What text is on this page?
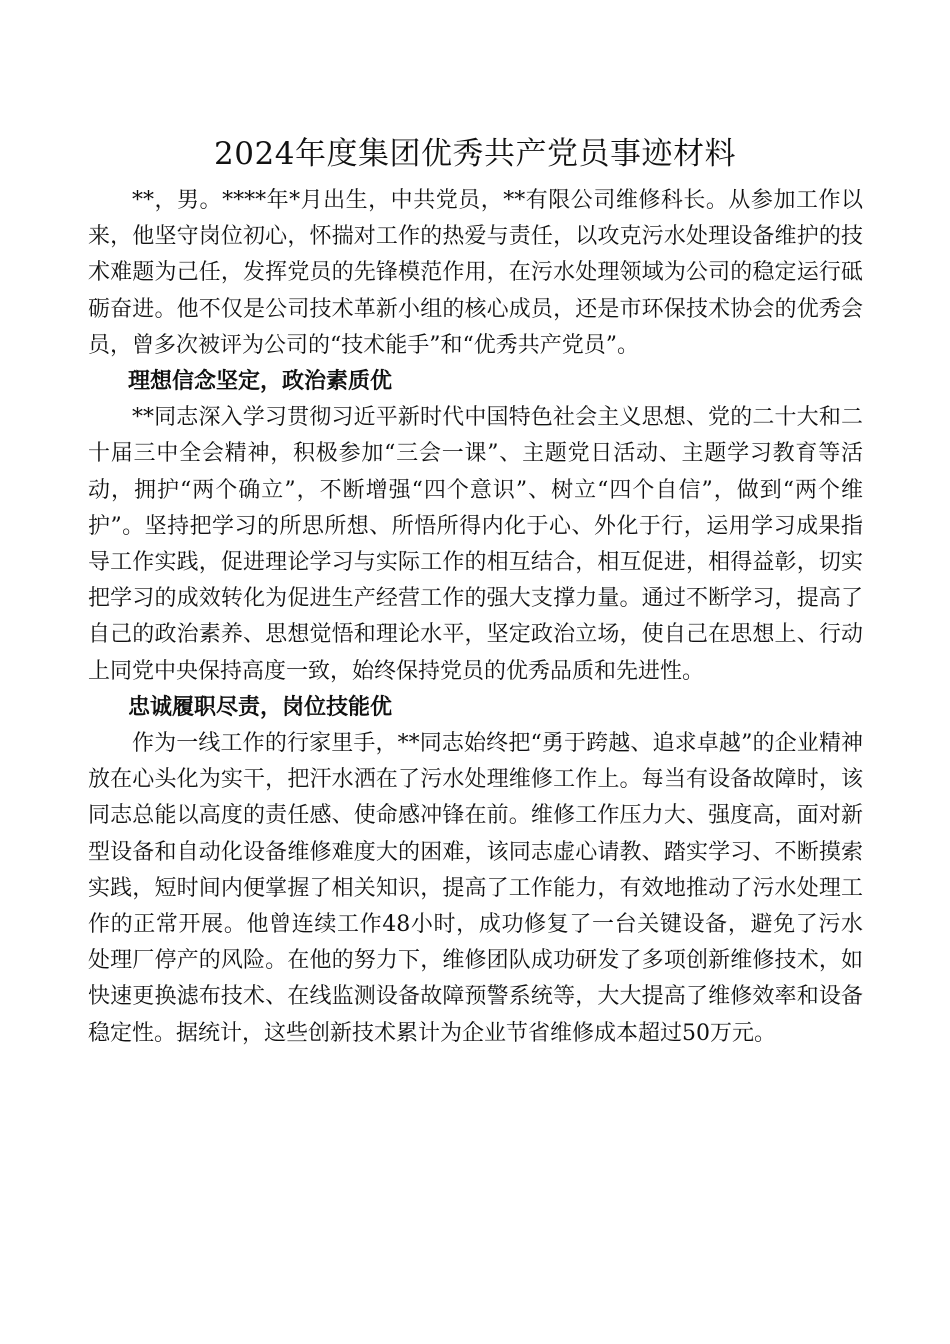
2024年度集团优秀共产党员事迹材料

**，男。****年*月出生，中共党员，**有限公司维修科长。从参加工作以来，他坚守岗位初心，怀揣对工作的热爱与责任，以攻克污水处理设备维护的技术难题为己任，发挥党员的先锋模范作用，在污水处理领域为公司的稳定运行砥砺奋进。他不仅是公司技术革新小组的核心成员，还是市环保技术协会的优秀会员，曾多次被评为公司的“技术能手”和“优秀共产党员”。

理想信念坚定，政治素质优

**同志深入学习贯彻习近平新时代中国特色社会主义思想、党的二十大和二十届三中全会精神，积极参加“三会一课”、主题党日活动、主题学习教育等活动，拥护“两个确立”，不断增强“四个意识”、树立“四个自信”，做到“两个维护”。坚持把学习的所思所想、所悟所得内化于心、外化于行，运用学习成果指导工作实践，促进理论学习与实际工作的相互结合，相互促进，相得益彰，切实把学习的成效转化为促进生产经营工作的强大支撑力量。通过不断学习，提高了自己的政治素养、思想觉悟和理论水平，坚定政治立场，使自己在思想上、行动上同党中央保持高度一致，始终保持党员的优秀品质和先进性。

忠诚履职尽责，岗位技能优

作为一线工作的行家里手，**同志始终把“勇于跨越、追求卓越”的企业精神放在心头化为实干，把汗水洒在了污水处理维修工作上。每当有设备故障时，该同志总能以高度的责任感、使命感冲锋在前。维修工作压力大、强度高，面对新型设备和自动化设备维修难度大的困难，该同志虚心请教、踏实学习、不断摸索实践，短时间内便掌握了相关知识，提高了工作能力，有效地推动了污水处理工作的正常开展。他曾连续工作48小时，成功修复了一台关键设备，避免了污水处理厂停产的风险。在他的努力下，维修团队成功研发了多项创新维修技术，如快速更换滤布技术、在线监测设备故障预警系统等，大大提高了维修效率和设备稳定性。据统计，这些创新技术累计为企业节省维修成本超过50万元。
